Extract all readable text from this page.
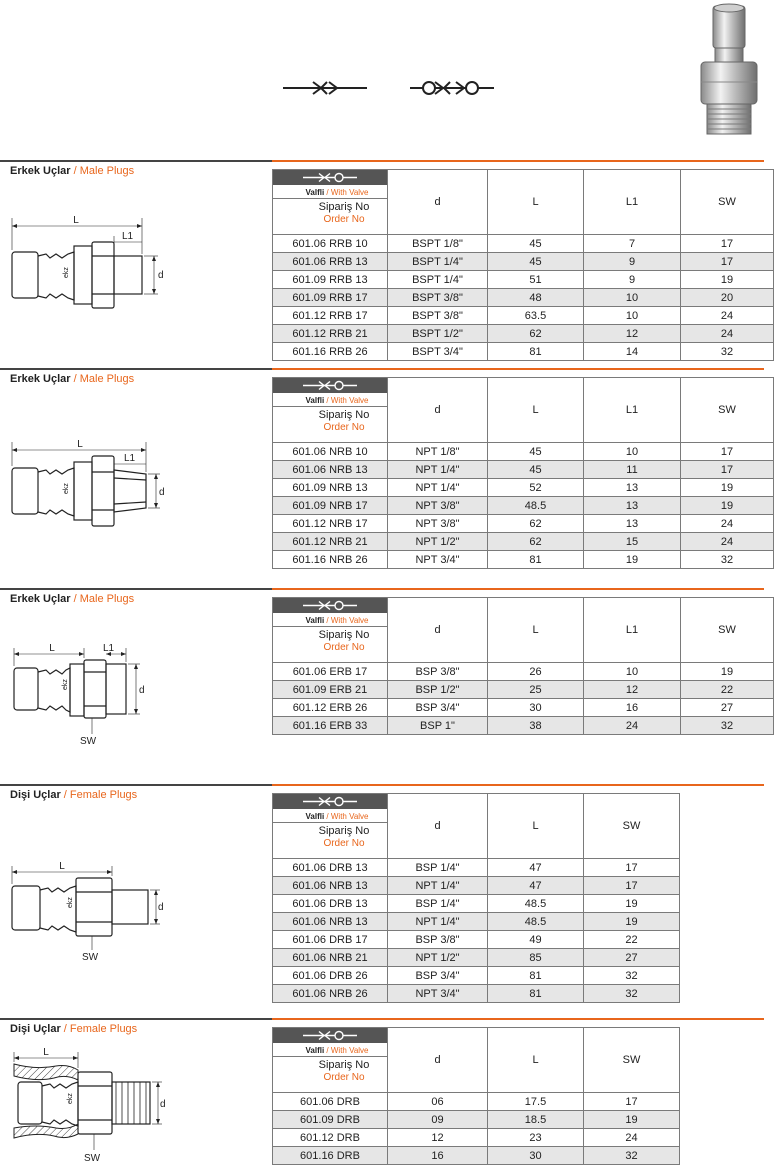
Erkek Uçlar / Male Plugs
Erkek Uçlar / Male Plugs
Erkek Uçlar / Male Plugs
Dişi Uçlar / Female Plugs
Dişi Uçlar / Female Plugs
L
L1
d
ekz
L
L1
d
ekz
L	L1
d
SW
ekz
L
d
SW
ekz
L
d
SW
ekz
Valfli / With Valve
Sipariş No
Order No	d	L	L1	SW
601.06 RRB 10	BSPT 1/8"	45	7	17
601.06 RRB 13	BSPT 1/4"	45	9	17
601.09 RRB 13	BSPT 1/4"	51	9	19
601.09 RRB 17	BSPT 3/8"	48	10	20
601.12 RRB 17	BSPT 3/8"	63.5	10	24
601.12 RRB 21	BSPT 1/2"	62	12	24
601.16 RRB 26	BSPT 3/4"	81	14	32
Valfli / With Valve
Sipariş No
Order No	d	L	L1	SW
601.06 NRB 10	NPT 1/8"	45	10	17
601.06 NRB 13	NPT 1/4"	45	11	17
601.09 NRB 13	NPT 1/4"	52	13	19
601.09 NRB 17	NPT 3/8"	48.5	13	19
601.12 NRB 17	NPT 3/8"	62	13	24
601.12 NRB 21	NPT 1/2"	62	15	24
601.16 NRB 26	NPT 3/4"	81	19	32
Valfli / With Valve
Sipariş No
Order No	d	L	L1	SW
601.06 ERB 17	BSP 3/8"	26	10	19
601.09 ERB 21	BSP 1/2"	25	12	22
601.12 ERB 26	BSP 3/4"	30	16	27
601.16 ERB 33	BSP 1"	38	24	32
Valfli / With Valve
Sipariş No
Order No	d	L	SW
601.06 DRB 13	BSP 1/4"	47	17
601.06 NRB 13	NPT 1/4"	47	17
601.06 DRB 13	BSP 1/4"	48.5	19
601.06 NRB 13	NPT 1/4"	48.5	19
601.06 DRB 17	BSP 3/8"	49	22
601.06 NRB 21	NPT 1/2"	85	27
601.06 DRB 26	BSP 3/4"	81	32
601.06 NRB 26	NPT 3/4"	81	32
Valfli / With Valve
Sipariş No
Order No	d	L	SW
601.06 DRB	06	17.5	17
601.09 DRB	09	18.5	19
601.12 DRB	12	23	24
601.16 DRB	16	30	32
